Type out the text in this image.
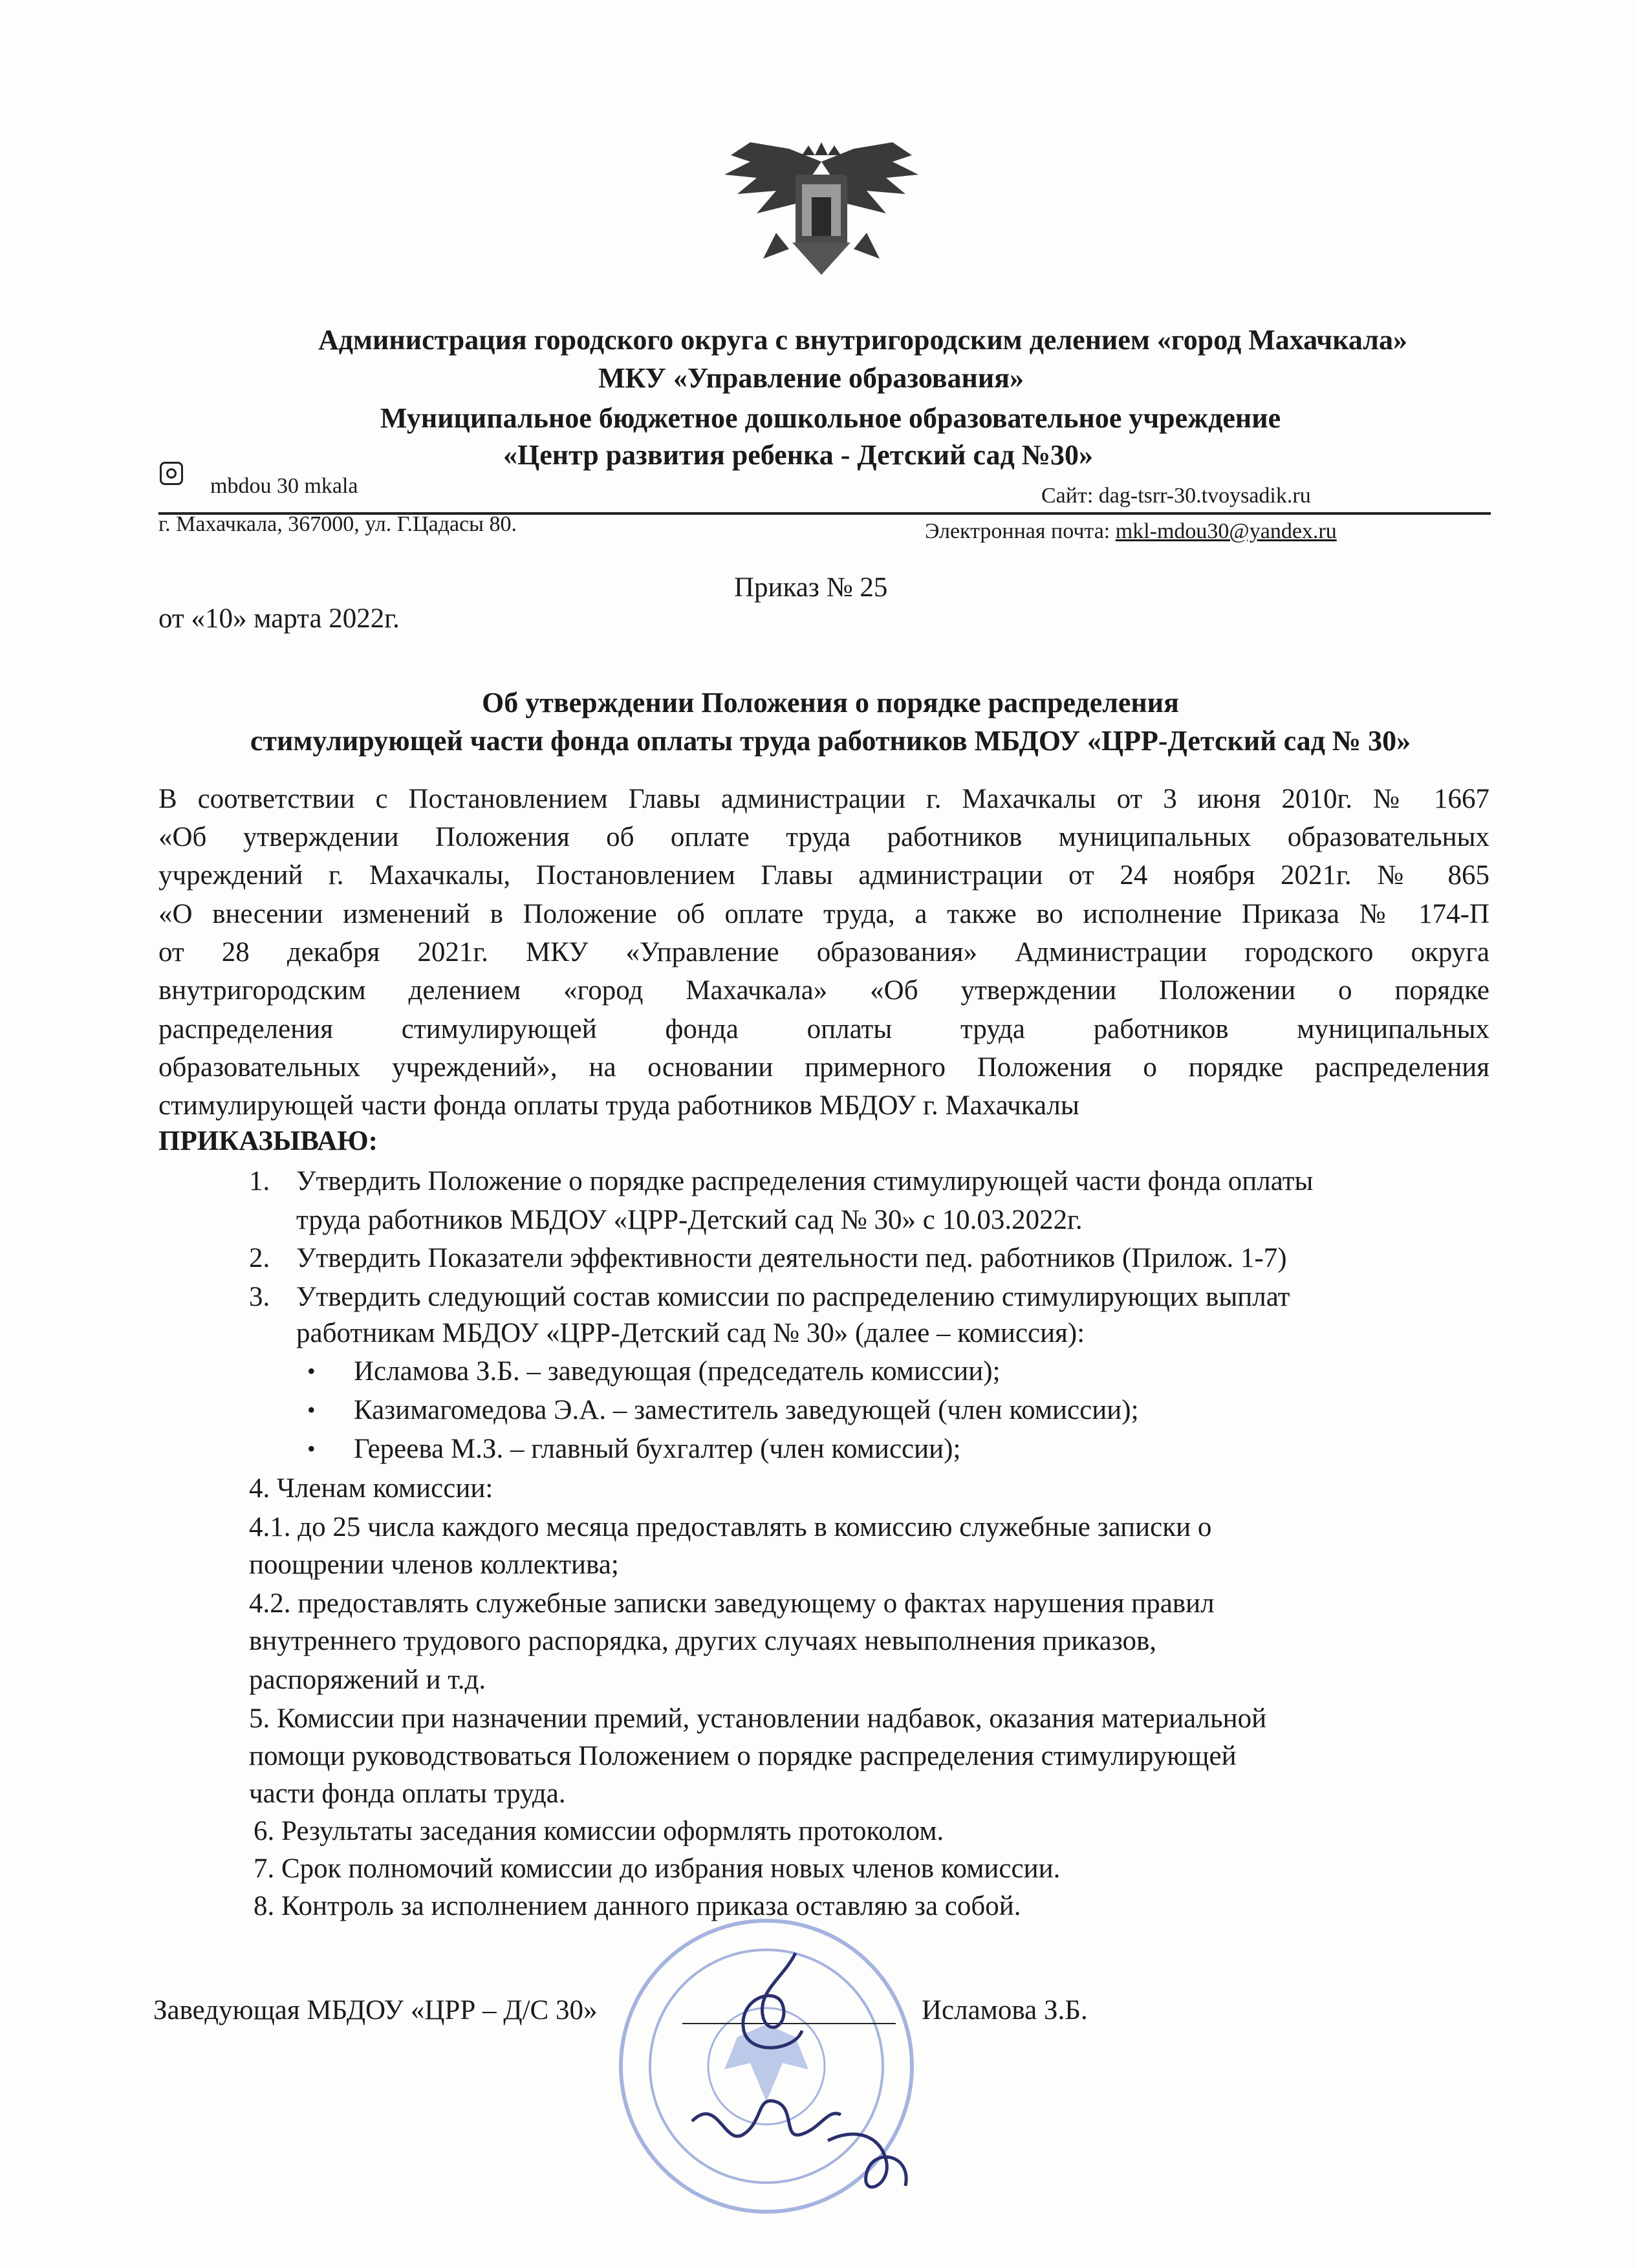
Администрация городского округа с внутригородским делением «город Махачкала»
МКУ «Управление образования»
Муниципальное бюджетное дошкольное образовательное учреждение
«Центр развития ребенка - Детский сад №30»
mbdou 30 mkala	Сайт: dag-tsrr-30.tvoysadik.ru
г. Махачкала, 367000, ул. Г.Цадасы 80.	Электронная почта: mkl-mdou30@yandex.ru
Приказ № 25
от «10» марта 2022г.
Об утверждении Положения о порядке распределения
стимулирующей части фонда оплаты труда работников МБДОУ «ЦРР-Детский сад № 30»
В соответствии с Постановлением Главы администрации г. Махачкалы от 3 июня 2010г. № 1667
«Об утверждении Положения об оплате труда работников муниципальных образовательных
учреждений г. Махачкалы, Постановлением Главы администрации от 24 ноября 2021г. № 865
«О внесении изменений в Положение об оплате труда, а также во исполнение Приказа № 174-П
от 28 декабря 2021г. МКУ «Управление образования» Администрации городского округа
внутригородским делением «город Махачкала» «Об утверждении Положении о порядке
распределения стимулирующей фонда оплаты труда работников муниципальных
образовательных учреждений», на основании примерного Положения о порядке распределения
стимулирующей части фонда оплаты труда работников МБДОУ г. Махачкалы
ПРИКАЗЫВАЮ:
1. Утвердить Положение о порядке распределения стимулирующей части фонда оплаты
труда работников МБДОУ «ЦРР-Детский сад № 30» с 10.03.2022г.
2. Утвердить Показатели эффективности деятельности пед. работников (Прилож. 1-7)
3. Утвердить следующий состав комиссии по распределению стимулирующих выплат
работникам МБДОУ «ЦРР-Детский сад № 30» (далее – комиссия):
• Исламова З.Б. – заведующая (председатель комиссии);
• Казимагомедова Э.А. – заместитель заведующей (член комиссии);
• Гереева М.З. – главный бухгалтер (член комиссии);
4. Членам комиссии:
4.1. до 25 числа каждого месяца предоставлять в комиссию служебные записки о
поощрении членов коллектива;
4.2. предоставлять служебные записки заведующему о фактах нарушения правил
внутреннего трудового распорядка, других случаях невыполнения приказов,
распоряжений и т.д.
5. Комиссии при назначении премий, установлении надбавок, оказания материальной
помощи руководствоваться Положением о порядке распределения стимулирующей
части фонда оплаты труда.
6. Результаты заседания комиссии оформлять протоколом.
7. Срок полномочий комиссии до избрания новых членов комиссии.
8. Контроль за исполнением данного приказа оставляю за собой.
Заведующая МБДОУ «ЦРР – Д/С 30»	Исламова З.Б.
